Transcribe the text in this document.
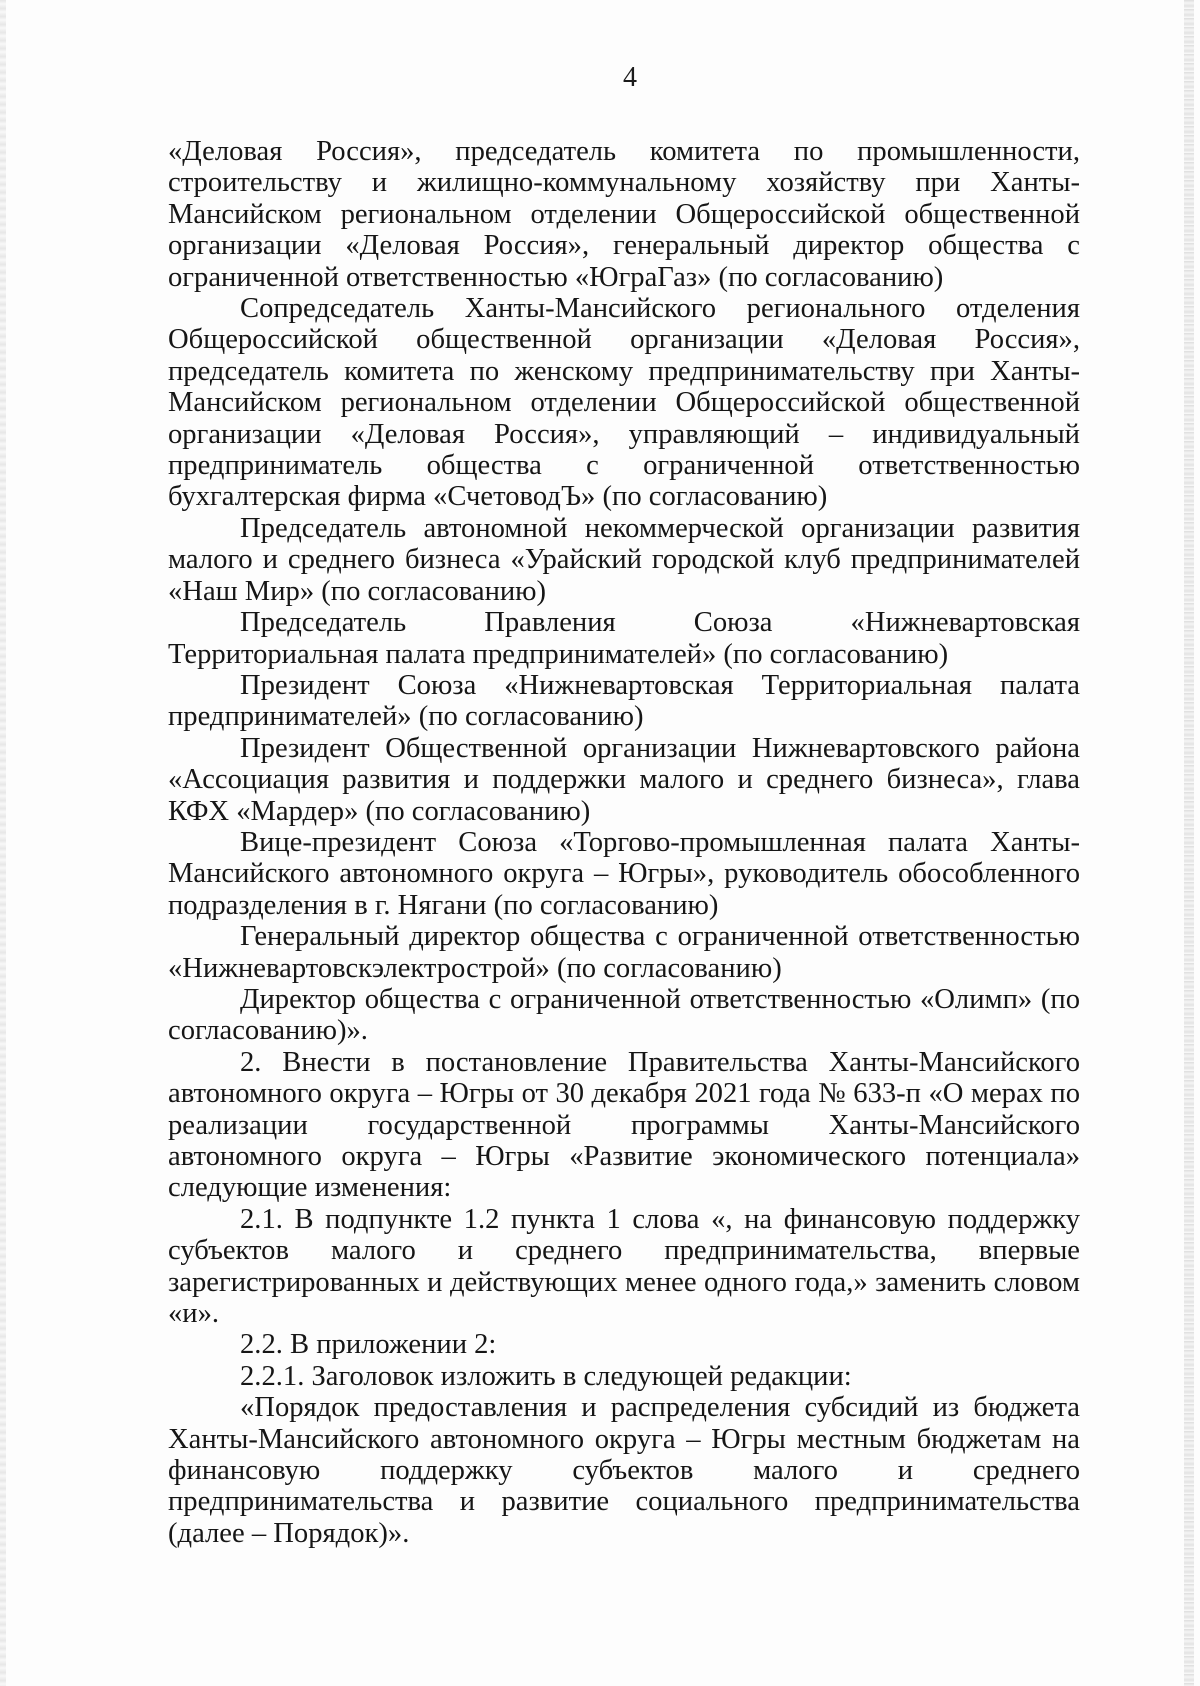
4

«Деловая Россия», председатель комитета по промышленности, строительству и жилищно-коммунальному хозяйству при Ханты-Мансийском региональном отделении Общероссийской общественной организации «Деловая Россия», генеральный директор общества с ограниченной ответственностью «ЮграГаз» (по согласованию)

Сопредседатель Ханты-Мансийского регионального отделения Общероссийской общественной организации «Деловая Россия», председатель комитета по женскому предпринимательству при Ханты-Мансийском региональном отделении Общероссийской общественной организации «Деловая Россия», управляющий – индивидуальный предприниматель общества с ограниченной ответственностью бухгалтерская фирма «СчетоводЪ» (по согласованию)

Председатель автономной некоммерческой организации развития малого и среднего бизнеса «Урайский городской клуб предпринимателей «Наш Мир» (по согласованию)

Председатель Правления Союза «Нижневартовская Территориальная палата предпринимателей» (по согласованию)

Президент Союза «Нижневартовская Территориальная палата предпринимателей» (по согласованию)

Президент Общественной организации Нижневартовского района «Ассоциация развития и поддержки малого и среднего бизнеса», глава КФХ «Мардер» (по согласованию)

Вице-президент Союза «Торгово-промышленная палата Ханты-Мансийского автономного округа – Югры», руководитель обособленного подразделения в г. Нягани (по согласованию)

Генеральный директор общества с ограниченной ответственностью «Нижневартовскэлектрострой» (по согласованию)

Директор общества с ограниченной ответственностью «Олимп» (по согласованию)».

2. Внести в постановление Правительства Ханты-Мансийского автономного округа – Югры от 30 декабря 2021 года № 633-п «О мерах по реализации государственной программы Ханты-Мансийского автономного округа – Югры «Развитие экономического потенциала» следующие изменения:

2.1. В подпункте 1.2 пункта 1 слова «, на финансовую поддержку субъектов малого и среднего предпринимательства, впервые зарегистрированных и действующих менее одного года,» заменить словом «и».

2.2. В приложении 2:

2.2.1. Заголовок изложить в следующей редакции:

«Порядок предоставления и распределения субсидий из бюджета Ханты-Мансийского автономного округа – Югры местным бюджетам на финансовую поддержку субъектов малого и среднего предпринимательства и развитие социального предпринимательства (далее – Порядок)».
